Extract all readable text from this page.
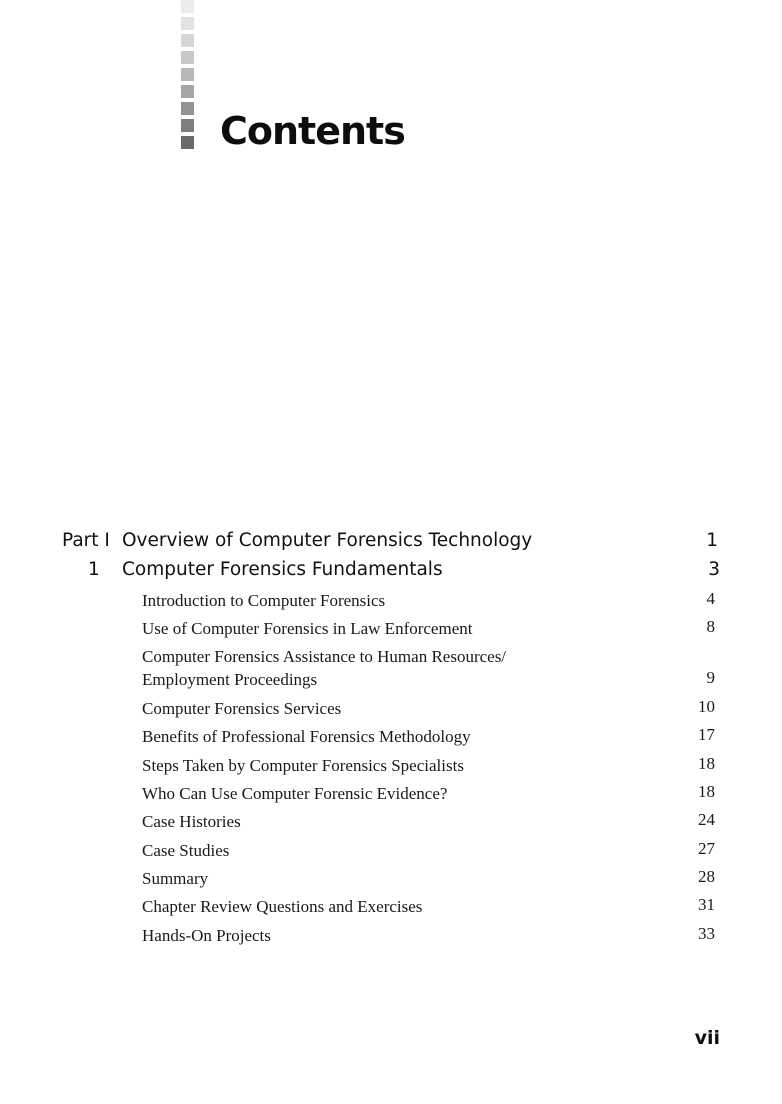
Contents
Part I Overview of Computer Forensics Technology	1
1 Computer Forensics Fundamentals	3
Introduction to Computer Forensics	4
Use of Computer Forensics in Law Enforcement	8
Computer Forensics Assistance to Human Resources/
Employment Proceedings	9
Computer Forensics Services	10
Benefits of Professional Forensics Methodology	17
Steps Taken by Computer Forensics Specialists	18
Who Can Use Computer Forensic Evidence?	18
Case Histories	24
Case Studies	27
Summary	28
Chapter Review Questions and Exercises	31
Hands-On Projects	33
vii
